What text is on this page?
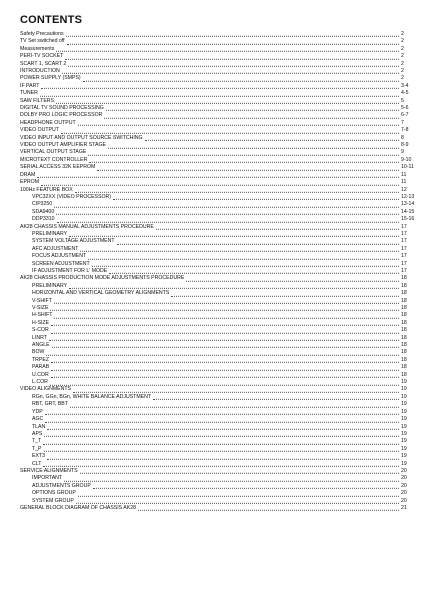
CONTENTS
Safety Precautions	2
TV Set switched off	2
Measurements	2
PERI-TV SOCKET	2
SCART 1, SCART 2	2
INTRODUCTION	2
POWER SUPPLY (SMPS)	2
IF PART	3-4
TUNER	4-5
SAW FILTERS	5
DIGITAL TV SOUND PROCESSING	5-6
DOLBY PRO LOGIC PROCESSOR	6-7
HEADPHONE OUTPUT	7
VIDEO OUTPUT	7-8
VIDEO INPUT AND OUTPUT SOURCE SWITCHING	8
VIDEO OUTPUT AMPLIFIER STAGE	8-9
VERTICAL OUTPUT STAGE	9
MICROTEXT CONTROLLER	9-10
SERIAL ACCESS 32K EEPROM	10-11
DRAM	11
EPROM	11
100Hz FEATURE BOX	12
VPC32XX (VIDEO PROCESSOR)	12-13
CIP3250	13-14
SDA9400	14-15
DDP3310	15-16
AK28 CHASSIS MANUAL ADJUSTMENTS PROCEDURE	17
PRELIMINARY	17
SYSTEM VOLTAGE ADJUSTMENT	17
AFC ADJUSTMENT	17
FOCUS ADJUSTMENT	17
SCREEN ADJUSTMENT	17
IF ADJUSTMENT FOR L' MODE	17
AK28 CHASSIS PRODUCTION MODE ADJUSTMENTS PROCEDURE	18
PRELIMINARY	18
HORIZONTAL AND VERTICAL GEOMETRY ALIGNMENTS	18
V-SHIFT	18
V-SIZE	18
H-SHIFT	18
H-SIZE	18
S-COR	18
LINRT	18
ANGLE	18
BOW	18
TRPEZ	18
PARAB	18
U.COR	18
L.COR	19
VIDEO ALIGNMENTS	19
RGn, GGn, BGn, WHITE BALANCE ADJUSTMENT	19
RBT, GRT, BBT	19
YDP	19
AGC	19
TLAN	19
APS	19
T_T	19
T_P	19
EXT3	19
CLT	19
SERVICE ALIGNMENTS	20
IMPORTANT	20
ADJUSTMENTS GROUP	20
OPTIONS GROUP	20
SYSTEM GROUP	20
GENERAL BLOCK DIAGRAM OF CHASSIS AK28	21
